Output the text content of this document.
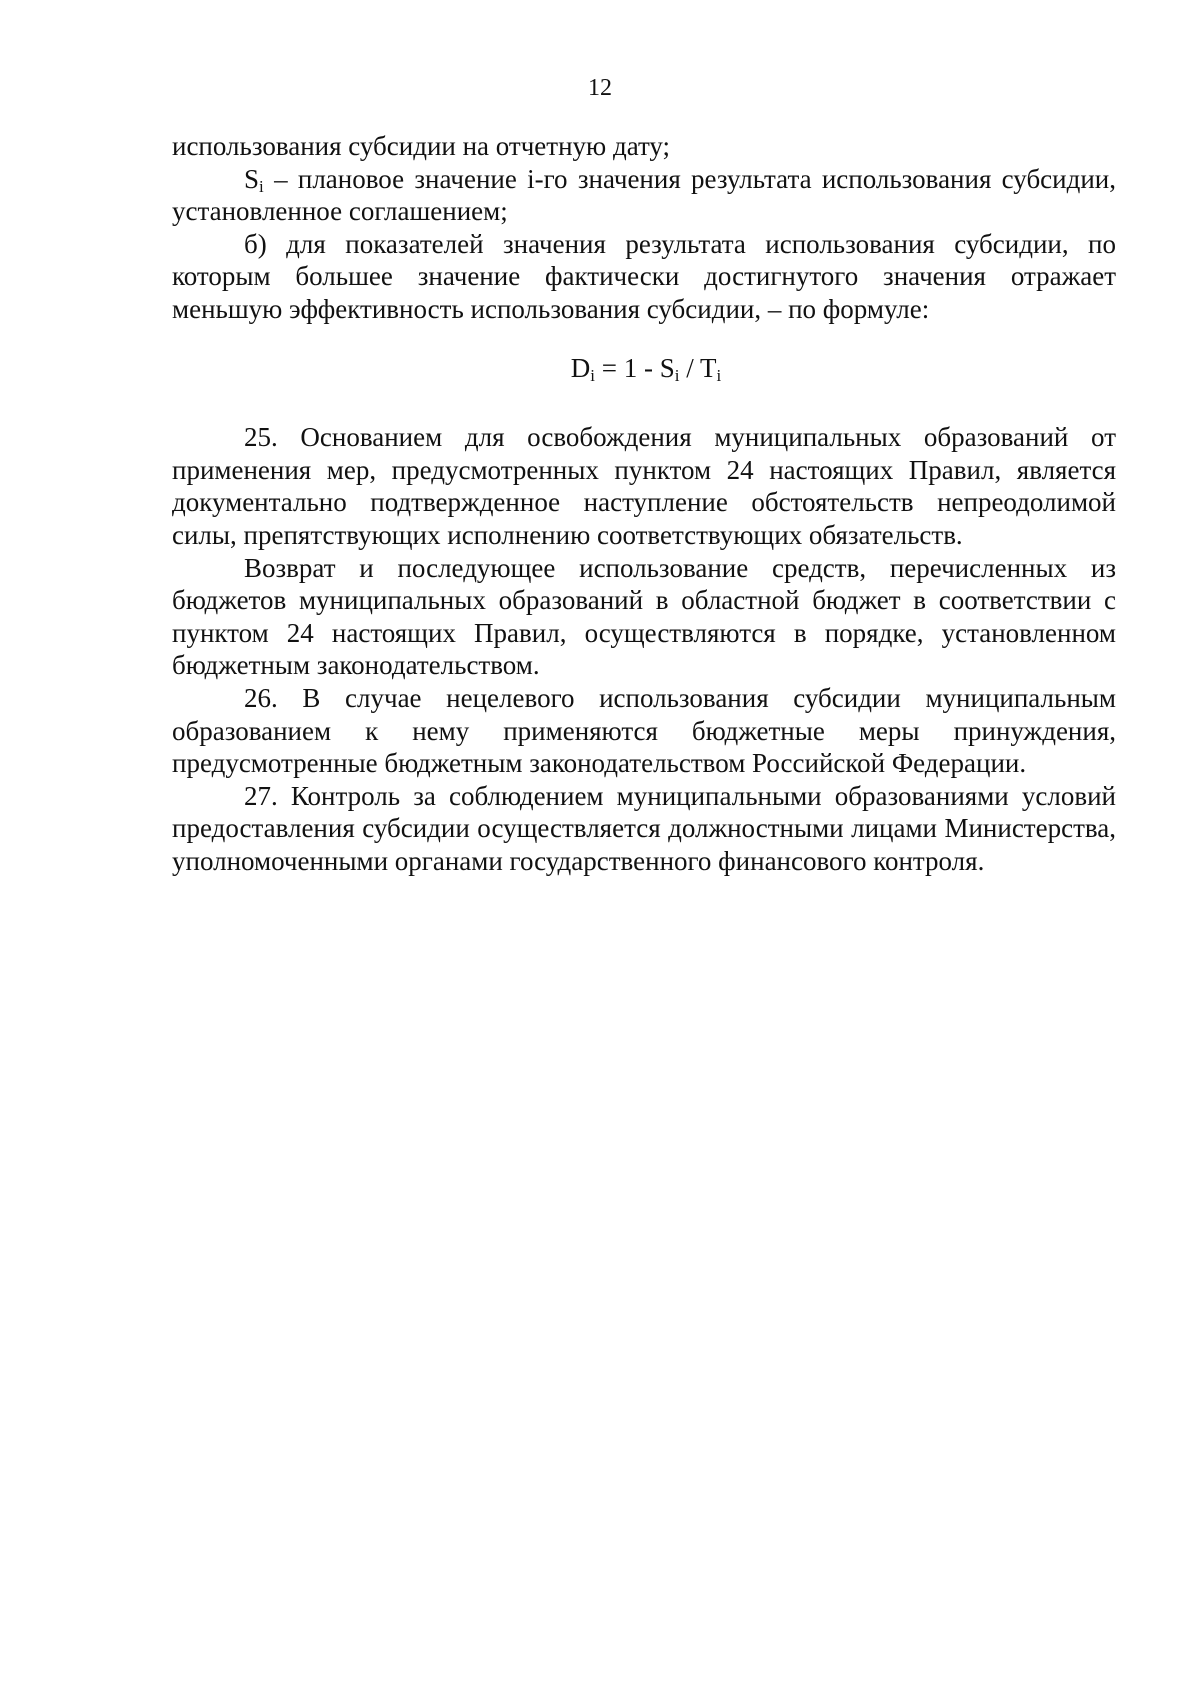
12

использования субсидии на отчетную дату;

$S_i$ – плановое значение i-го значения результата использования субсидии, установленное соглашением;

б) для показателей значения результата использования субсидии, по которым большее значение фактически достигнутого значения отражает меньшую эффективность использования субсидии, – по формуле:

$D_i = 1 - S_i / T_i$

25. Основанием для освобождения муниципальных образований от применения мер, предусмотренных пунктом 24 настоящих Правил, является документально подтвержденное наступление обстоятельств непреодолимой силы, препятствующих исполнению соответствующих обязательств.

Возврат и последующее использование средств, перечисленных из бюджетов муниципальных образований в областной бюджет в соответствии с пунктом 24 настоящих Правил, осуществляются в порядке, установленном бюджетным законодательством.

26. В случае нецелевого использования субсидии муниципальным образованием к нему применяются бюджетные меры принуждения, предусмотренные бюджетным законодательством Российской Федерации.

27. Контроль за соблюдением муниципальными образованиями условий предоставления субсидии осуществляется должностными лицами Министерства, уполномоченными органами государственного финансового контроля.
